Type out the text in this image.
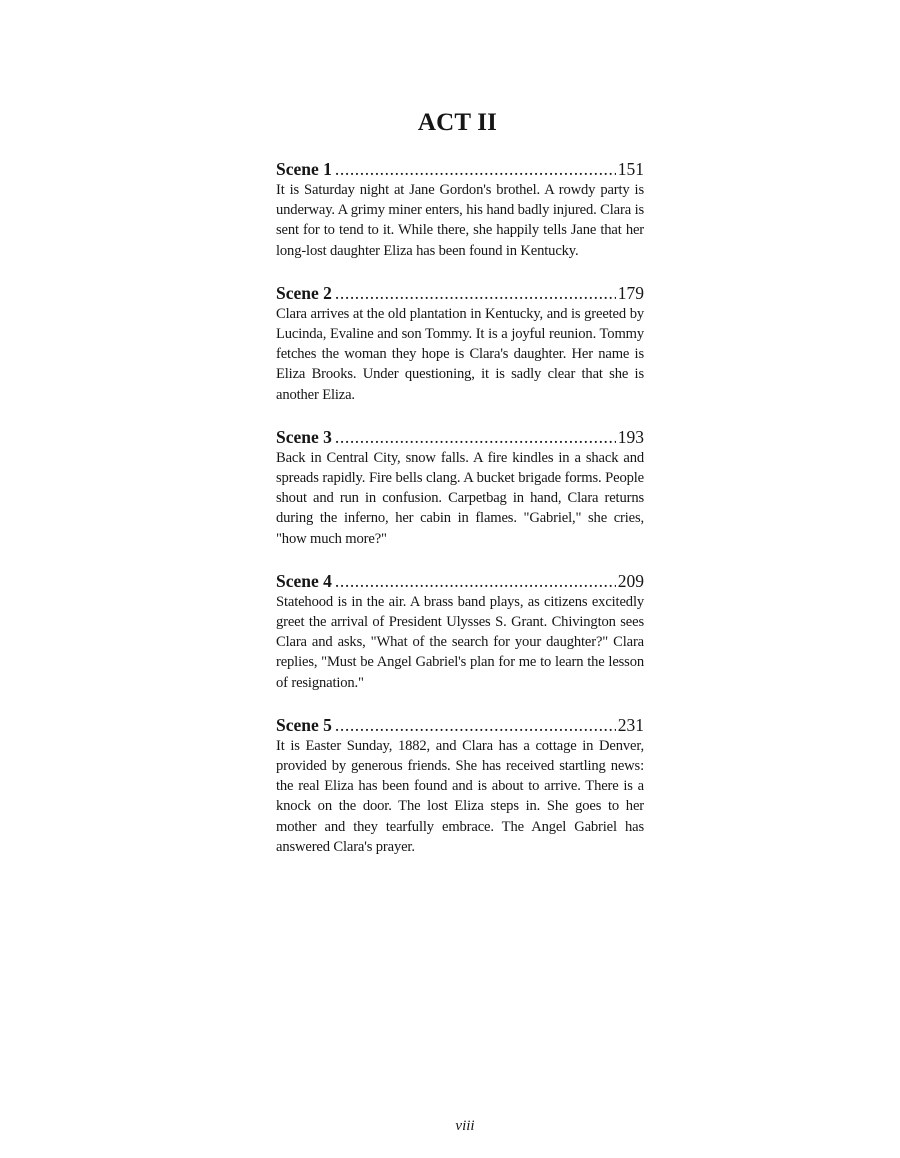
ACT II
Scene 1 .....	151
It is Saturday night at Jane Gordon's brothel. A rowdy party is underway. A grimy miner enters, his hand badly injured. Clara is sent for to tend to it. While there, she happily tells Jane that her long-lost daughter Eliza has been found in Kentucky.
Scene 2 .....	179
Clara arrives at the old plantation in Kentucky, and is greeted by Lucinda, Evaline and son Tommy. It is a joyful reunion. Tommy fetches the woman they hope is Clara's daughter. Her name is Eliza Brooks. Under questioning, it is sadly clear that she is another Eliza.
Scene 3 .....	193
Back in Central City, snow falls. A fire kindles in a shack and spreads rapidly. Fire bells clang. A bucket brigade forms. People shout and run in confusion. Carpetbag in hand, Clara returns during the inferno, her cabin in flames. "Gabriel," she cries, "how much more?"
Scene 4 .....	209
Statehood is in the air. A brass band plays, as citizens excitedly greet the arrival of President Ulysses S. Grant. Chivington sees Clara and asks, "What of the search for your daughter?" Clara replies, "Must be Angel Gabriel's plan for me to learn the lesson of resignation."
Scene 5 .....	231
It is Easter Sunday, 1882, and Clara has a cottage in Denver, provided by generous friends. She has received startling news: the real Eliza has been found and is about to arrive. There is a knock on the door. The lost Eliza steps in. She goes to her mother and they tearfully embrace. The Angel Gabriel has answered Clara's prayer.
viii
